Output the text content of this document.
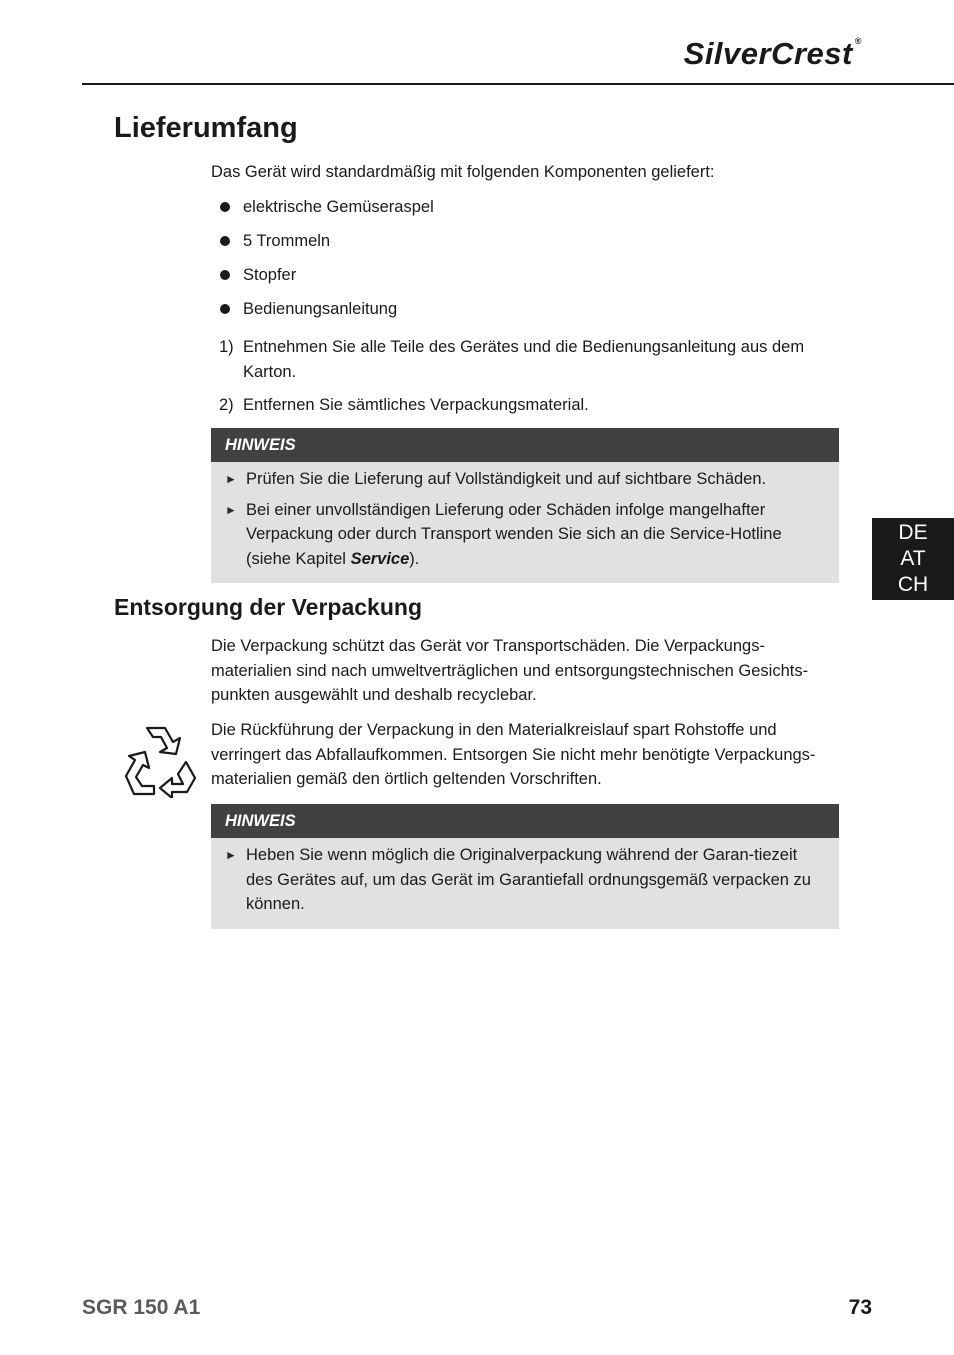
SilverCrest ®
Lieferumfang

Das Gerät wird standardmäßig mit folgenden Komponenten geliefert:

elektrische Gemüseraspel
5 Trommeln
Stopfer
Bedienungsanleitung
1) Entnehmen Sie alle Teile des Gerätes und die Bedienungsanleitung aus dem Karton.
2) Entfernen Sie sämtliches Verpackungsmaterial.
HINWEIS
► Prüfen Sie die Lieferung auf Vollständigkeit und auf sichtbare Schäden.
► Bei einer unvollständigen Lieferung oder Schäden infolge mangelhafter Verpackung oder durch Transport wenden Sie sich an die Service-Hotline (siehe Kapitel Service).
Entsorgung der Verpackung

Die Verpackung schützt das Gerät vor Transportschäden. Die Verpackungs-materialien sind nach umweltverträglichen und entsorgungstechnischen Gesichts-punkten ausgewählt und deshalb recyclebar.

Die Rückführung der Verpackung in den Materialkreislauf spart Rohstoffe und verringert das Abfallaufkommen. Entsorgen Sie nicht mehr benötigte Verpackungs-materialien gemäß den örtlich geltenden Vorschriften.

HINWEIS
► Heben Sie wenn möglich die Originalverpackung während der Garan-tiezeit des Gerätes auf, um das Gerät im Garantiefall ordnungsgemäß verpacken zu können.
DE
AT
CH
SGR 150 A1	73
